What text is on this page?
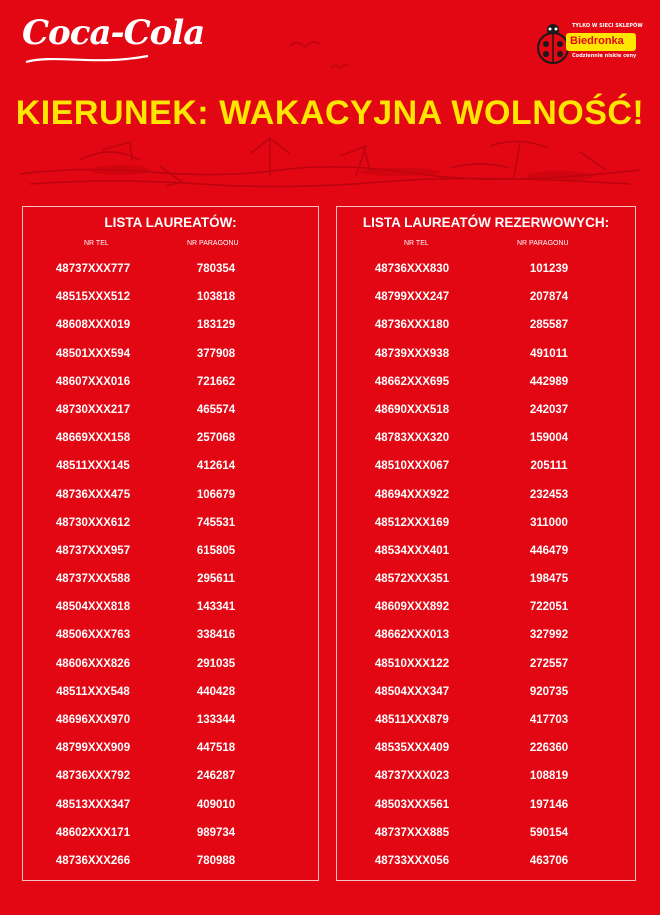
Coca-Cola	TYLKO W SIECI SKLEPÓW
Biedronka
Codziennie niskie ceny
KIERUNEK: WAKACYJNA WOLNOŚĆ!
LISTA LAUREATÓW:
NR TEL	NR PARAGONU
48737XXX777	780354
48515XXX512	103818
48608XXX019	183129
48501XXX594	377908
48607XXX016	721662
48730XXX217	465574
48669XXX158	257068
48511XXX145	412614
48736XXX475	106679
48730XXX612	745531
48737XXX957	615805
48737XXX588	295611
48504XXX818	143341
48506XXX763	338416
48606XXX826	291035
48511XXX548	440428
48696XXX970	133344
48799XXX909	447518
48736XXX792	246287
48513XXX347	409010
48602XXX171	989734
48736XXX266	780988
LISTA LAUREATÓW REZERWOWYCH:
NR TEL	NR PARAGONU
48736XXX830	101239
48799XXX247	207874
48736XXX180	285587
48739XXX938	491011
48662XXX695	442989
48690XXX518	242037
48783XXX320	159004
48510XXX067	205111
48694XXX922	232453
48512XXX169	311000
48534XXX401	446479
48572XXX351	198475
48609XXX892	722051
48662XXX013	327992
48510XXX122	272557
48504XXX347	920735
48511XXX879	417703
48535XXX409	226360
48737XXX023	108819
48503XXX561	197146
48737XXX885	590154
48733XXX056	463706
